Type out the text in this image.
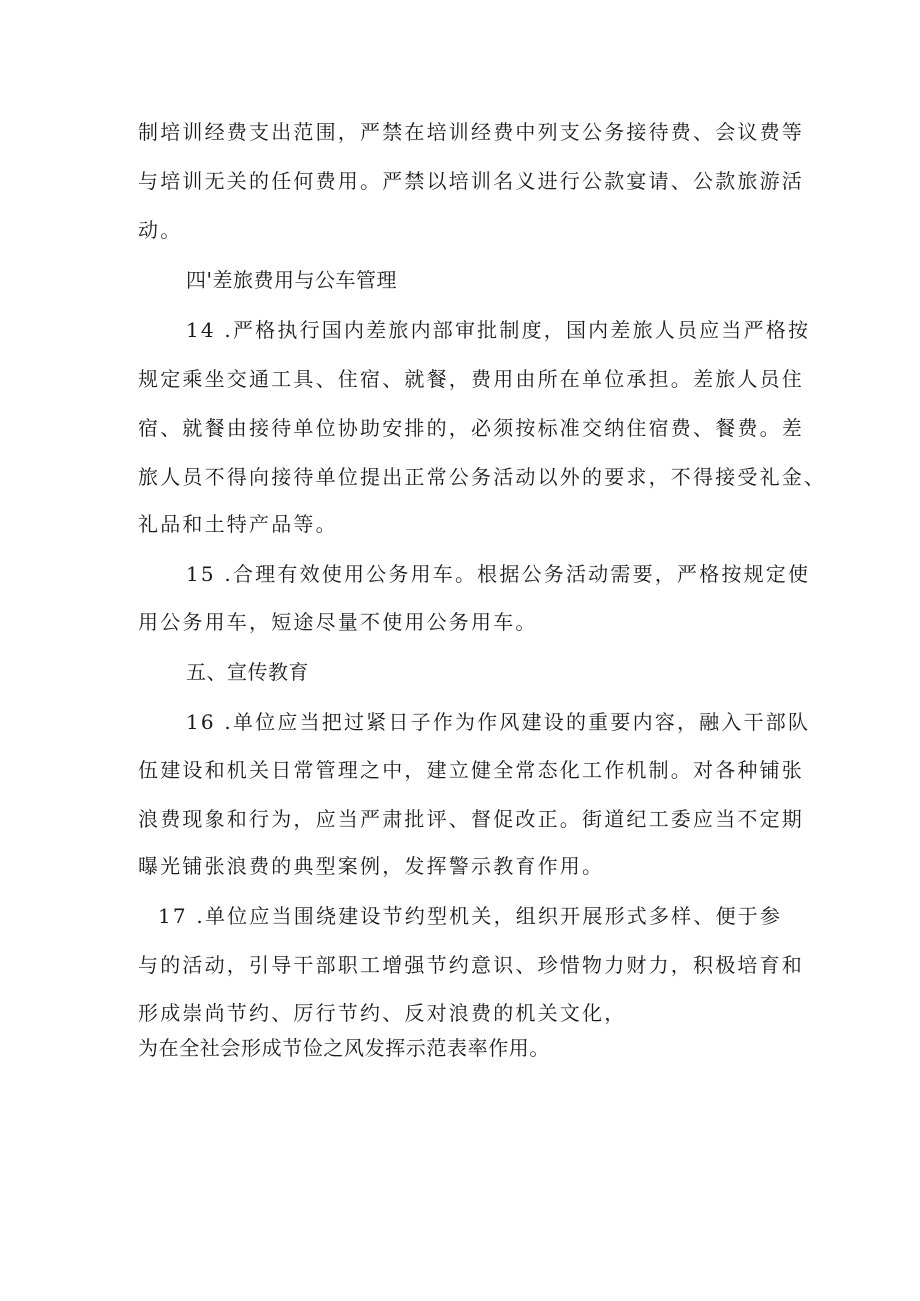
制培训经费支出范围，严禁在培训经费中列支公务接待费、会议费等
与培训无关的任何费用。严禁以培训名义进行公款宴请、公款旅游活
动。
四'差旅费用与公车管理
14 .严格执行国内差旅内部审批制度，国内差旅人员应当严格按
规定乘坐交通工具、住宿、就餐，费用由所在单位承担。差旅人员住
宿、就餐由接待单位协助安排的，必须按标准交纳住宿费、餐费。差
旅人员不得向接待单位提出正常公务活动以外的要求，不得接受礼金、
礼品和土特产品等。
15 .合理有效使用公务用车。根据公务活动需要，严格按规定使
用公务用车，短途尽量不使用公务用车。
五、宣传教育
16 .单位应当把过紧日子作为作风建设的重要内容，融入干部队
伍建设和机关日常管理之中，建立健全常态化工作机制。对各种铺张
浪费现象和行为，应当严肃批评、督促改正。街道纪工委应当不定期
曝光铺张浪费的典型案例，发挥警示教育作用。
17 .单位应当围绕建设节约型机关，组织开展形式多样、便于参
与的活动，引导干部职工增强节约意识、珍惜物力财力，积极培育和
形成崇尚节约、厉行节约、反对浪费的机关文化，
为在全社会形成节俭之风发挥示范表率作用。
